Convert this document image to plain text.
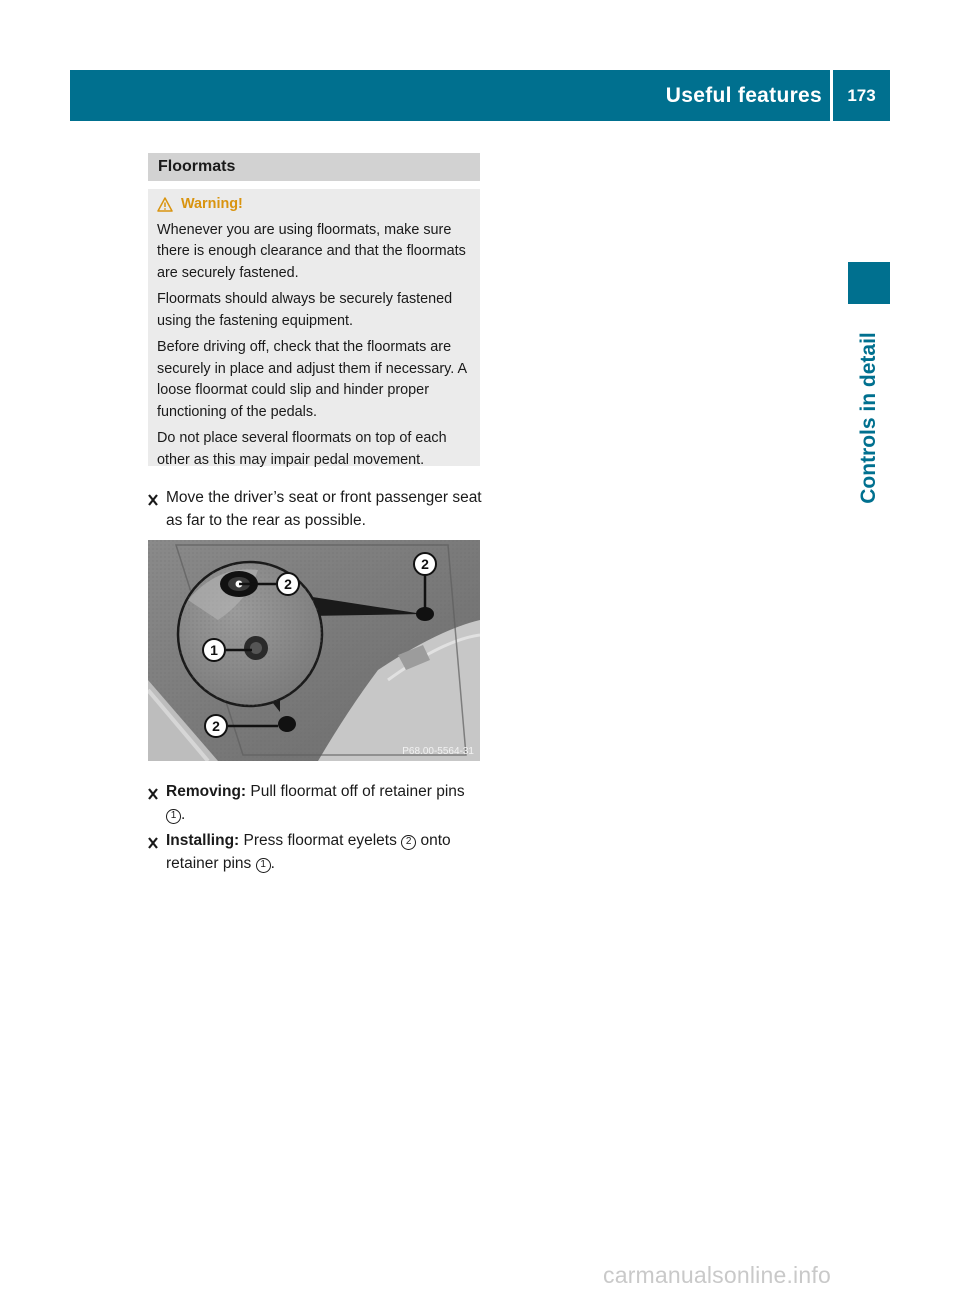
Useful features	173
Controls in detail
Floormats
Warning!

Whenever you are using floormats, make sure there is enough clearance and that the floormats are securely fastened.

Floormats should always be securely fastened using the fastening equipment.

Before driving off, check that the floormats are securely in place and adjust them if necessary. A loose floormat could slip and hinder proper functioning of the pedals.

Do not place several floormats on top of each other as this may impair pedal movement.

Move the driver’s seat or front passenger seat as far to the rear as possible.
2
1
2
2
P68.00-5564-31
Removing: Pull floormat off of retainer pins 1 .
Installing: Press floormat eyelets 2 onto retainer pins 1 .
carmanualsonline.info
